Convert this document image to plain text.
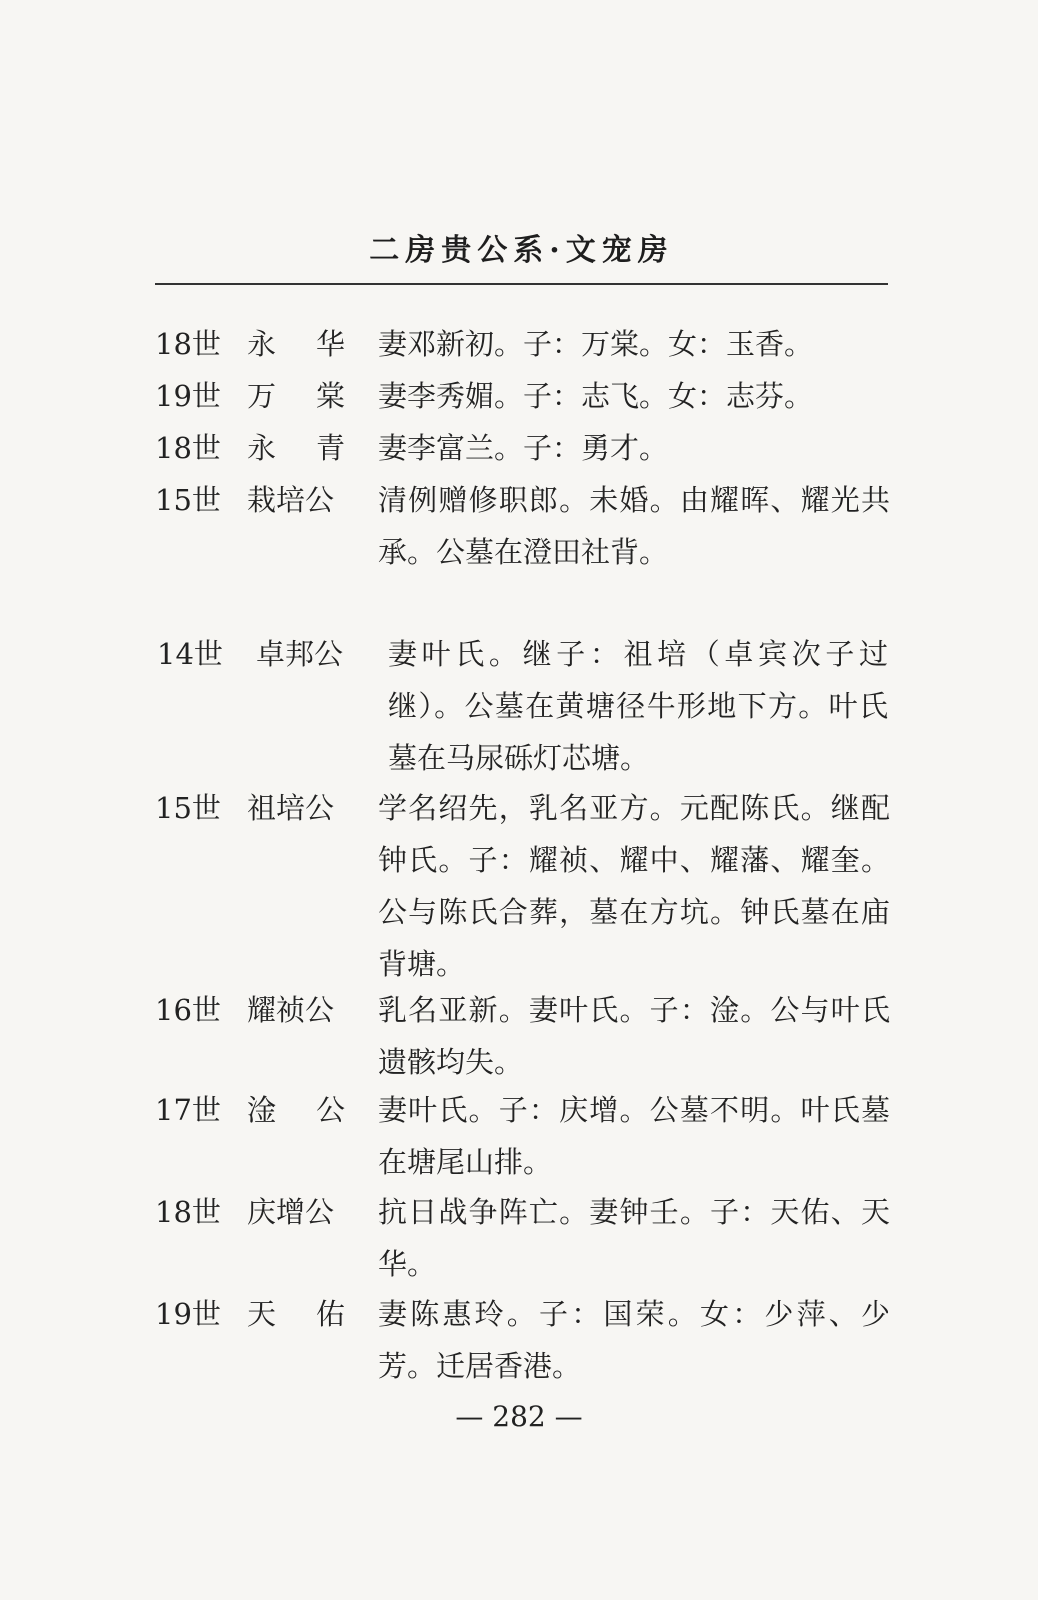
二房贵公系·文宠房
18世 永 华 妻邓新初。子：万棠。女：玉香。
19世 万 棠 妻李秀媚。子：志飞。女：志芬。
18世 永 青 妻李富兰。子：勇才。
15世 栽培公	清例赠修职郎。未婚。由耀晖、耀光共承。公墓在澄田社背。
14世	卓邦公	妻叶氏。继子：祖培（卓宾次子过继）。公墓在黄塘径牛形地下方。叶氏墓在马尿砾灯芯塘。
15世 祖培公	学名绍先，乳名亚方。元配陈氏。继配钟氏。子：耀祯、耀中、耀藩、耀奎。公与陈氏合葬，墓在方坑。钟氏墓在庙背塘。
16世 耀祯公	乳名亚新。妻叶氏。子：淦。公与叶氏遗骸均失。
17世 淦 公 妻叶氏。子：庆增。公墓不明。叶氏墓在塘尾山排。
18世 庆增公	抗日战争阵亡。妻钟壬。子：天佑、天华。
19世 天 佑 妻陈惠玲。子：国荣。女：少萍、少芳。迁居香港。
— 282 —
